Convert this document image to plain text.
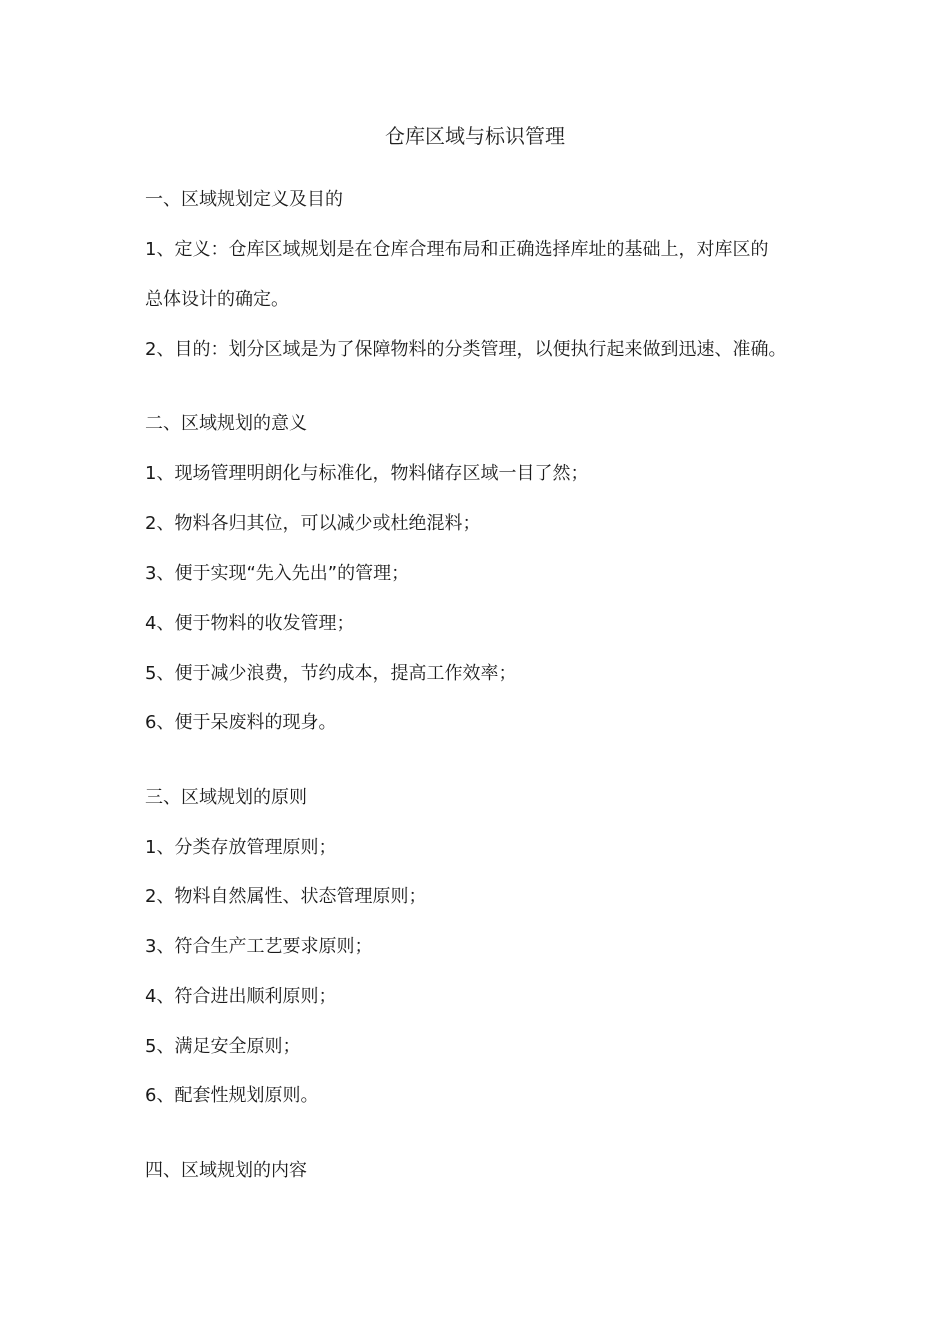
仓库区域与标识管理
一、区域规划定义及目的
1、定义：仓库区域规划是在仓库合理布局和正确选择库址的基础上，对库区的
总体设计的确定。
2、目的：划分区域是为了保障物料的分类管理，以便执行起来做到迅速、准确。
二、区域规划的意义
1、现场管理明朗化与标准化，物料储存区域一目了然；
2、物料各归其位，可以减少或杜绝混料；
3、便于实现“先入先出”的管理；
4、便于物料的收发管理；
5、便于减少浪费，节约成本，提高工作效率；
6、便于呆废料的现身。
三、区域规划的原则
1、分类存放管理原则；
2、物料自然属性、状态管理原则；
3、符合生产工艺要求原则；
4、符合进出顺利原则；
5、满足安全原则；
6、配套性规划原则。
四、区域规划的内容
